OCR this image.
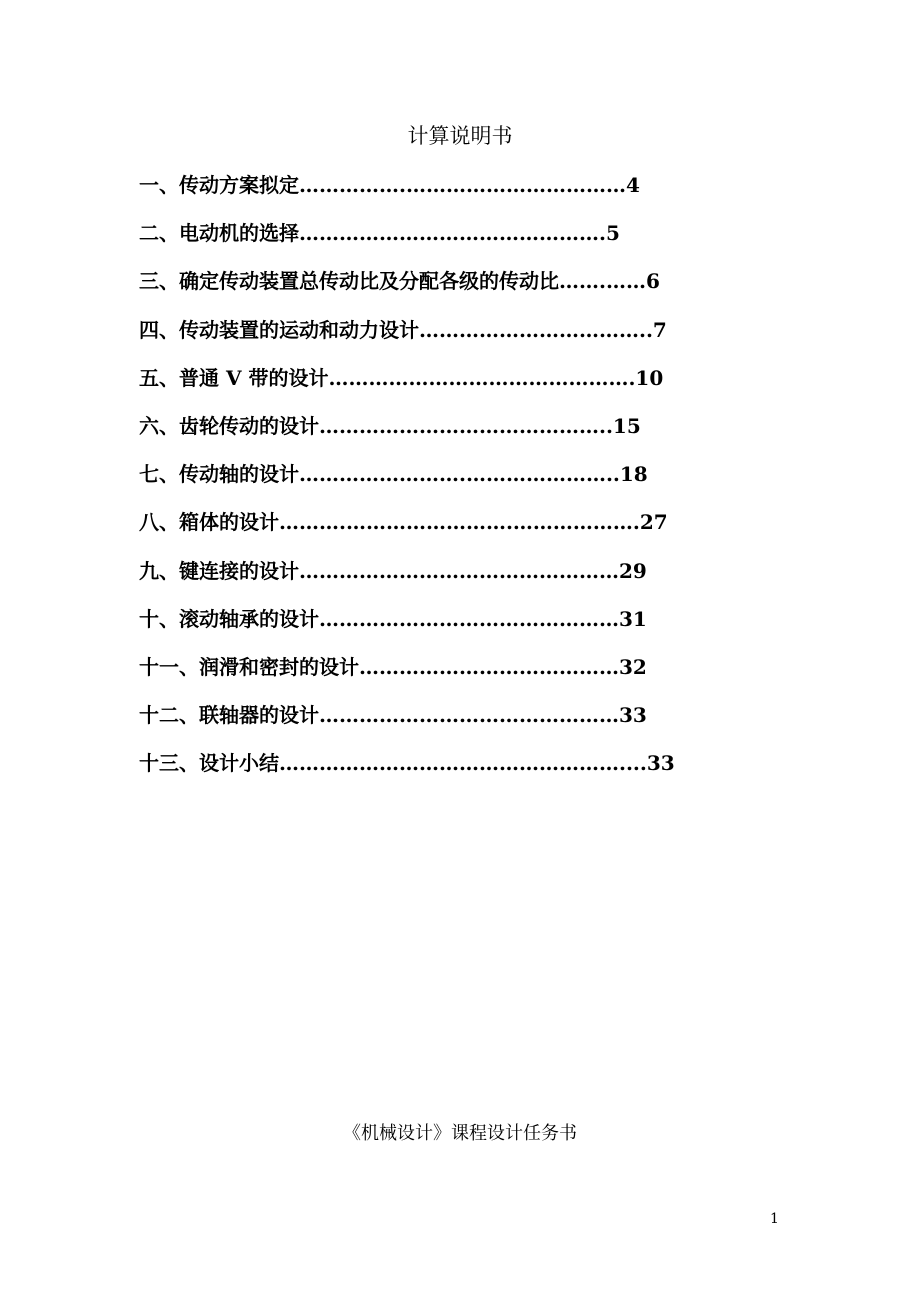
计算说明书
一、传动方案拟定…………….……………………………4
二、电动机的选择……………………………………….5
三、确定传动装置总传动比及分配各级的传动比…….……6
四、传动装置的运动和动力设计……………………………..7
五、普通 V 带的设计……………………………………….10
六、齿轮传动的设计……………………………………..15
七、传动轴的设计…………………….…………………..18
八、箱体的设计……….…………………….……………….27
九、键连接的设计…………………………………………29
十、滚动轴承的设计………………………………………31
十一、润滑和密封的设计…………………………………32
十二、联轴器的设计………………………………………33
十三、设计小结……………………………………………....33
《机械设计》课程设计任务书
1
